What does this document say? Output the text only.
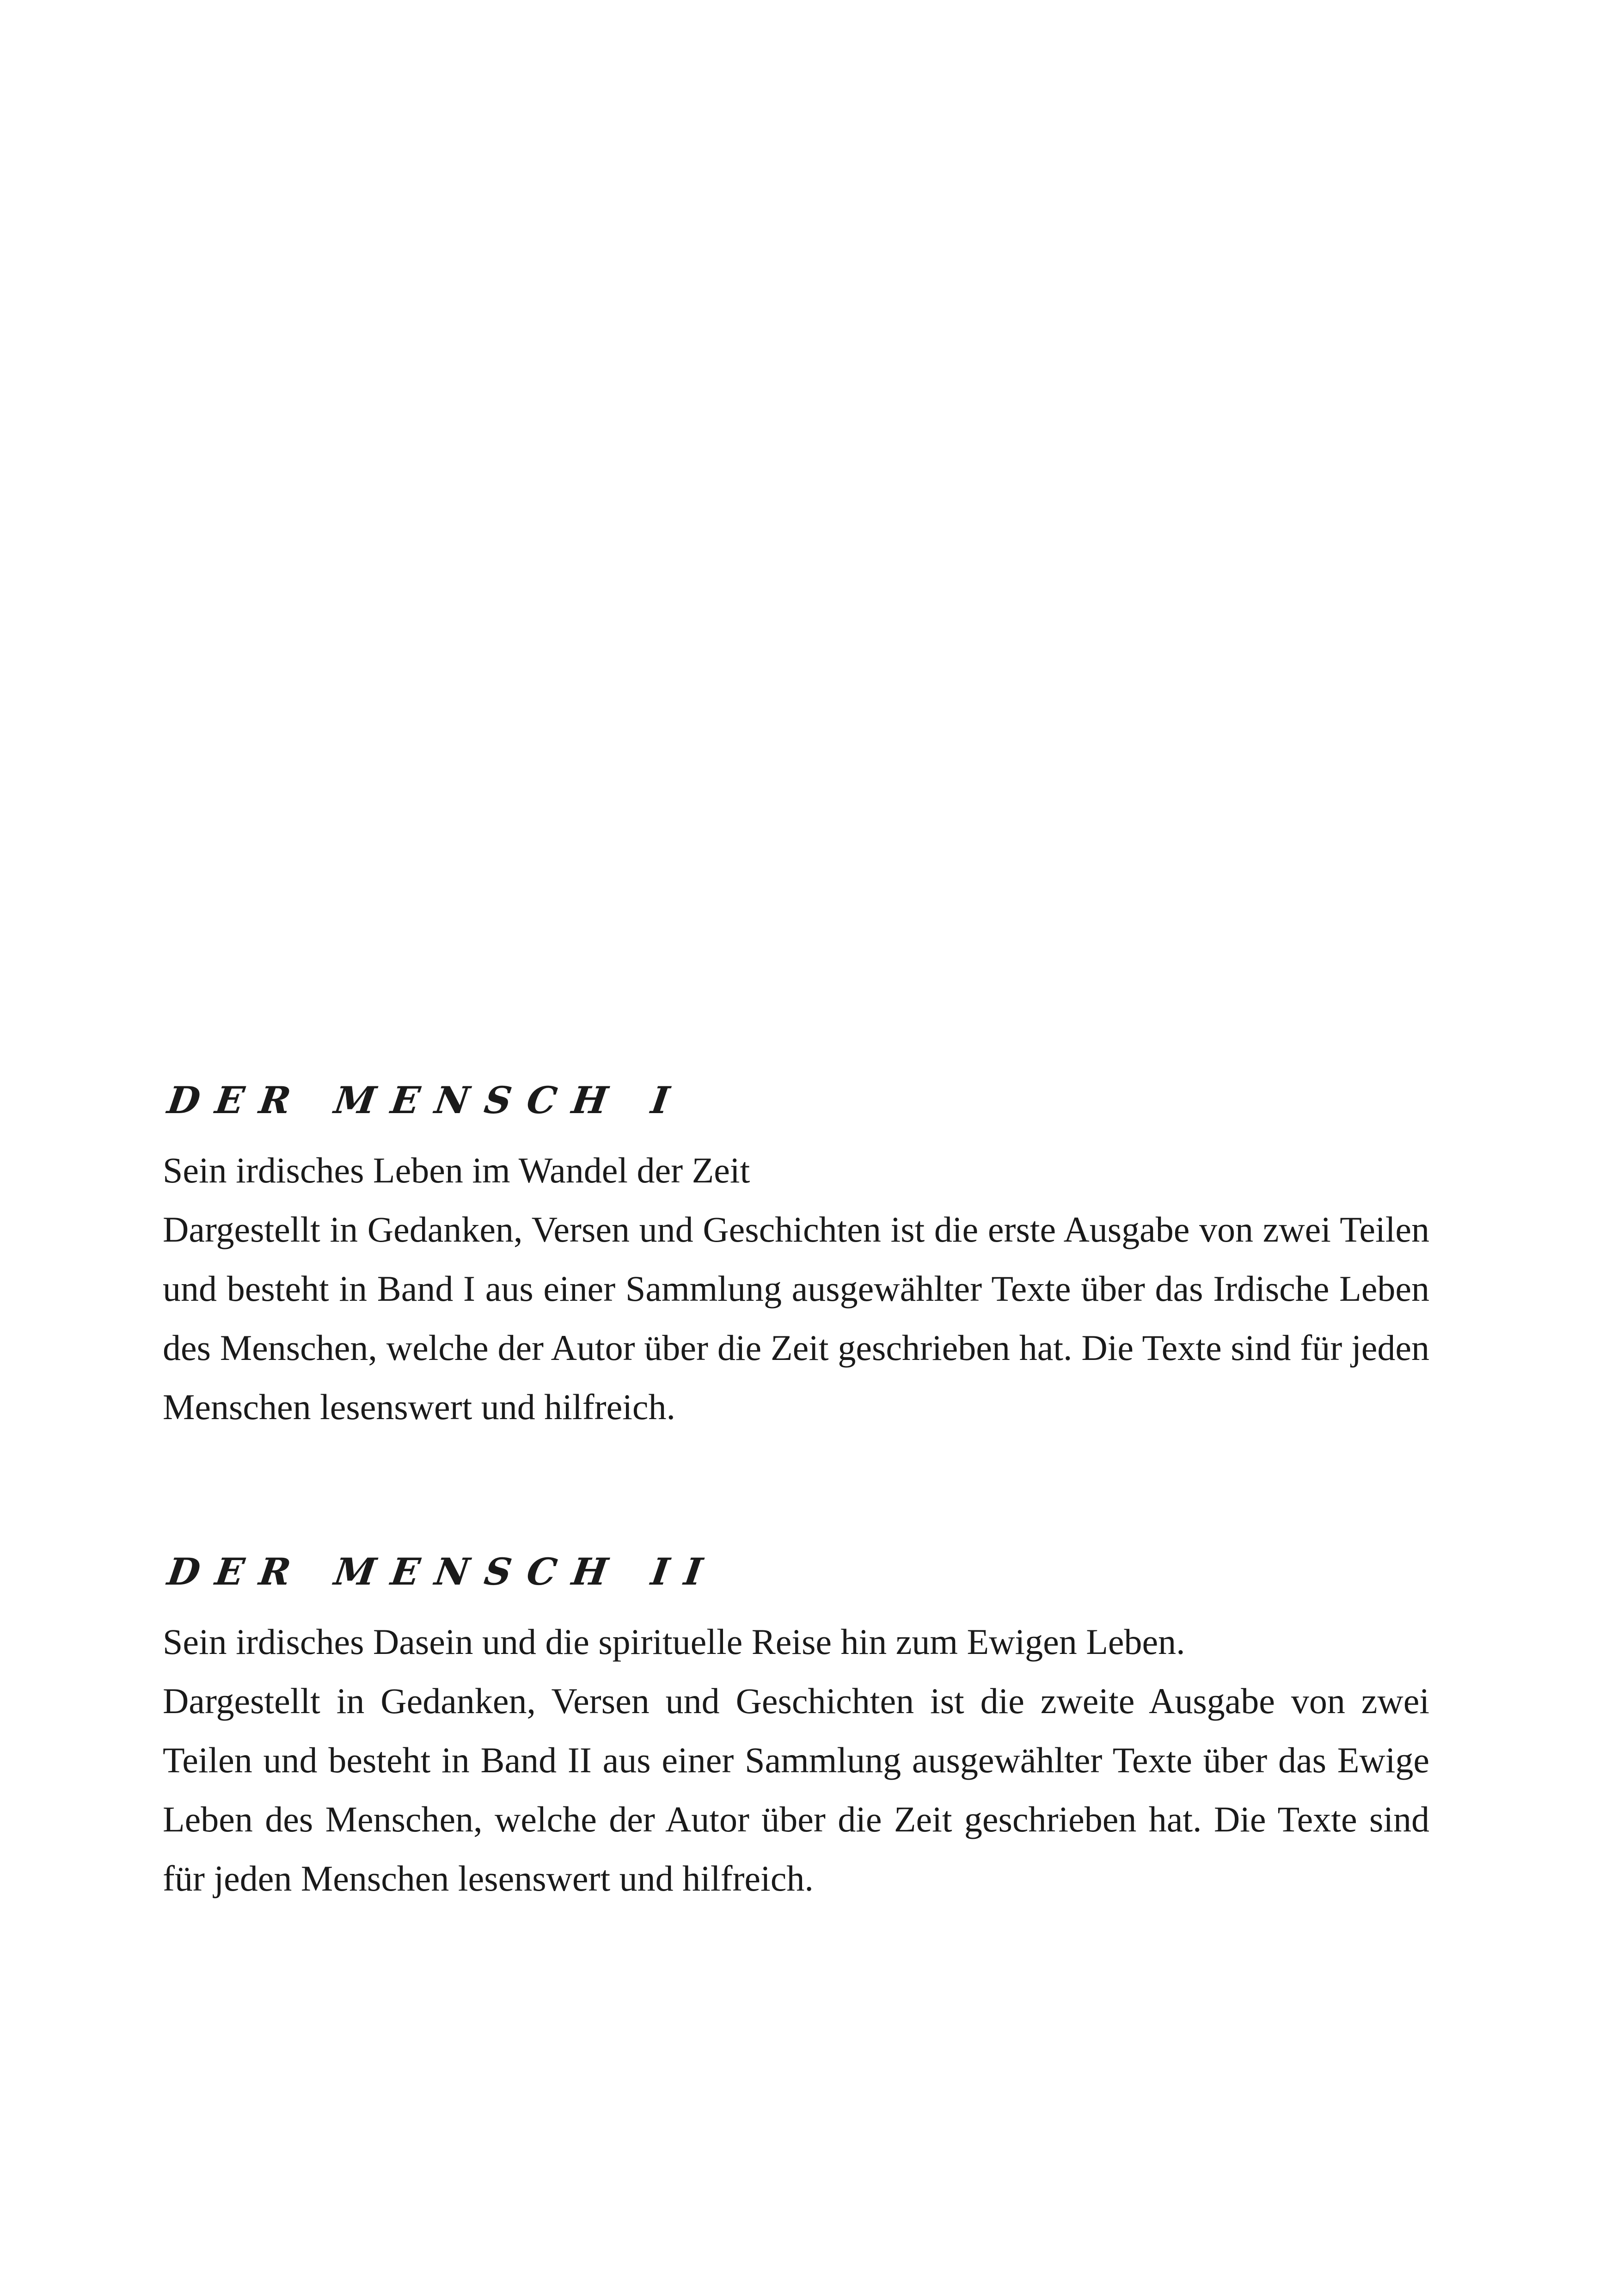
DER MENSCH I

Sein irdisches Leben im Wandel der Zeit

Dargestellt in Gedanken, Versen und Geschichten ist die erste Ausgabe von zwei Teilen und besteht in Band I aus einer Sammlung ausgewählter Texte über das Irdische Leben des Menschen, welche der Autor über die Zeit geschrieben hat. Die Texte sind für jeden Menschen lesenswert und hilfreich.

DER MENSCH II

Sein irdisches Dasein und die spirituelle Reise hin zum Ewigen Leben.

Dargestellt in Gedanken, Versen und Geschichten ist die zweite Ausgabe von zwei Teilen und besteht in Band II aus einer Sammlung ausgewählter Texte über das Ewige Leben des Menschen, welche der Autor über die Zeit geschrieben hat. Die Texte sind für jeden Menschen lesenswert und hilfreich.
